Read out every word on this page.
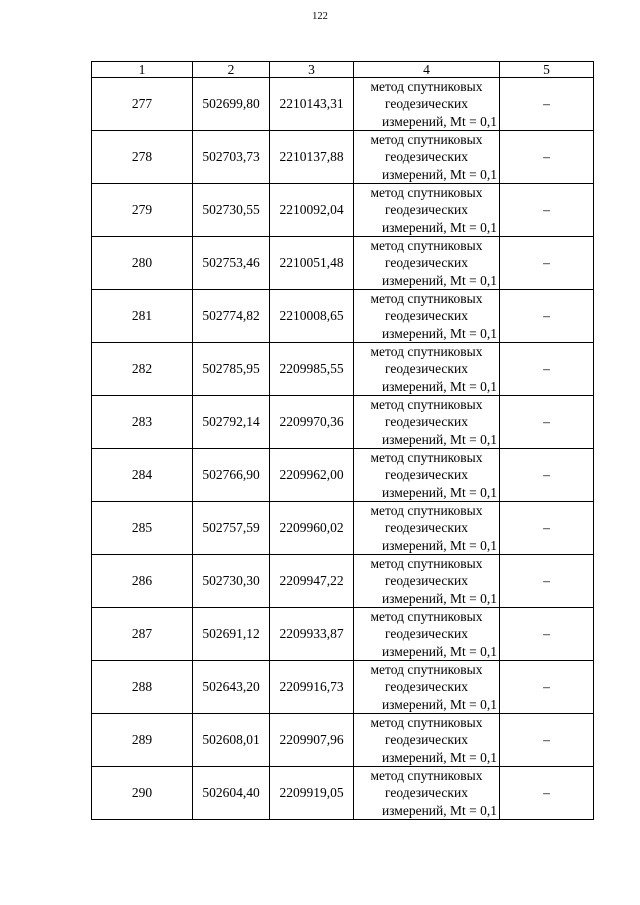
122
1	2	3	4	5
277	502699,80	2210143,31	метод спутниковых
геодезических
измерений, Mt = 0,1	–
278	502703,73	2210137,88	метод спутниковых
геодезических
измерений, Mt = 0,1	–
279	502730,55	2210092,04	метод спутниковых
геодезических
измерений, Mt = 0,1	–
280	502753,46	2210051,48	метод спутниковых
геодезических
измерений, Mt = 0,1	–
281	502774,82	2210008,65	метод спутниковых
геодезических
измерений, Mt = 0,1	–
282	502785,95	2209985,55	метод спутниковых
геодезических
измерений, Mt = 0,1	–
283	502792,14	2209970,36	метод спутниковых
геодезических
измерений, Mt = 0,1	–
284	502766,90	2209962,00	метод спутниковых
геодезических
измерений, Mt = 0,1	–
285	502757,59	2209960,02	метод спутниковых
геодезических
измерений, Mt = 0,1	–
286	502730,30	2209947,22	метод спутниковых
геодезических
измерений, Mt = 0,1	–
287	502691,12	2209933,87	метод спутниковых
геодезических
измерений, Mt = 0,1	–
288	502643,20	2209916,73	метод спутниковых
геодезических
измерений, Mt = 0,1	–
289	502608,01	2209907,96	метод спутниковых
геодезических
измерений, Mt = 0,1	–
290	502604,40	2209919,05	метод спутниковых
геодезических
измерений, Mt = 0,1	–
